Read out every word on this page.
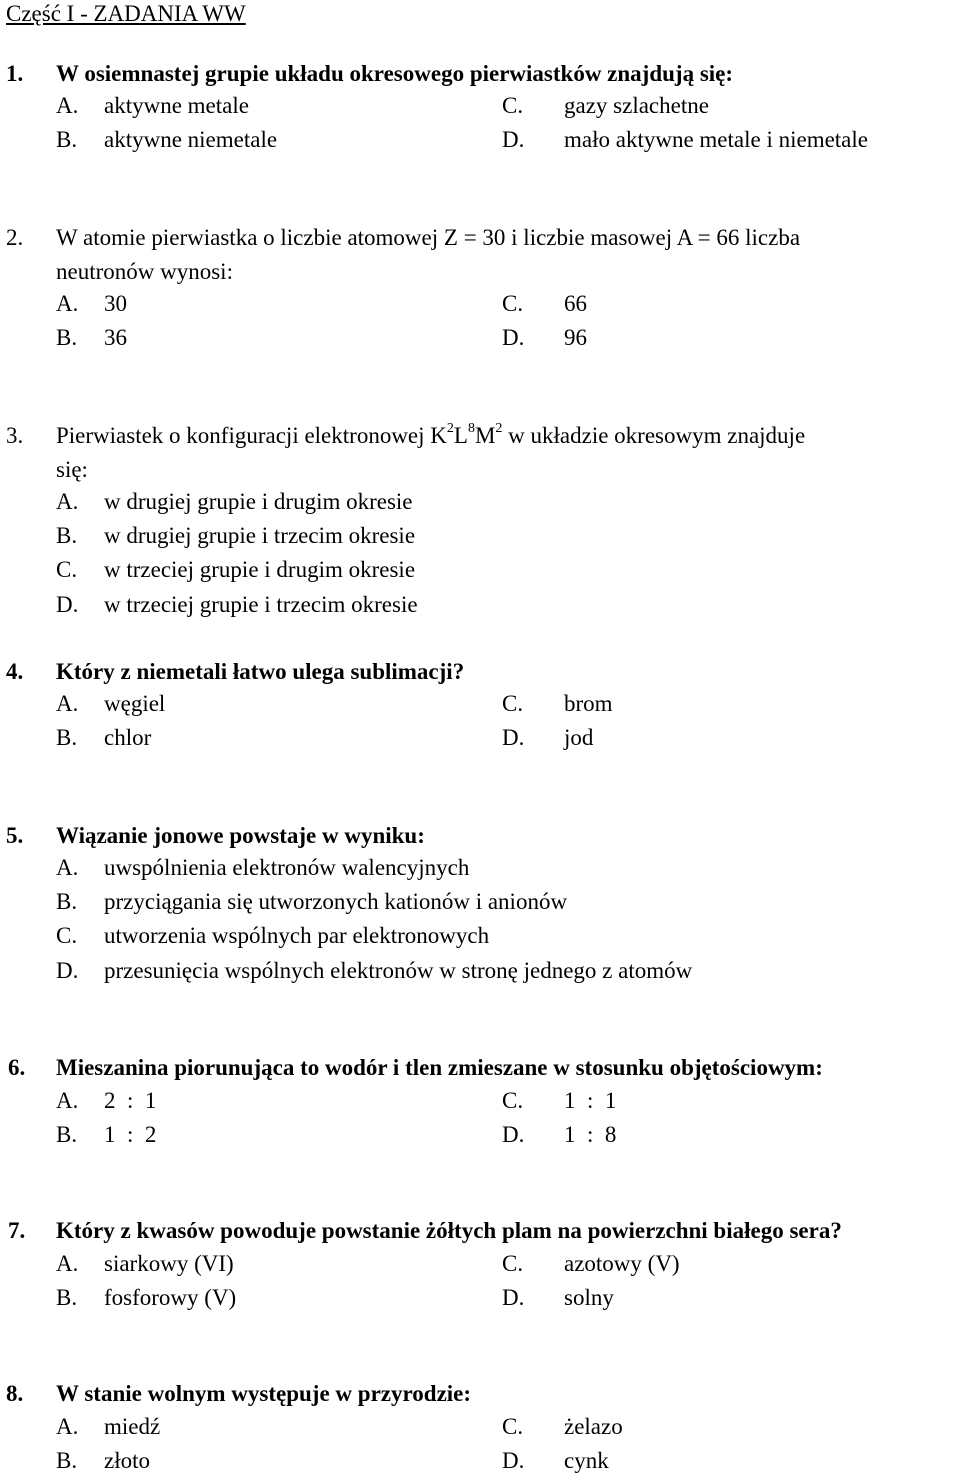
Część I - ZADANIA WW
1. W osiemnastej grupie układu okresowego pierwiastków znajdują się:
A. aktywne metale	C. gazy szlachetne
B. aktywne niemetale	D. mało aktywne metale i niemetale
2. W atomie pierwiastka o liczbie atomowej Z = 30 i liczbie masowej A = 66 liczba
neutronów wynosi:
A. 30	C. 66
B. 36	D. 96
3. Pierwiastek o konfiguracji elektronowej $K^2L^8M^2$ w układzie okresowym znajduje
się:
A. w drugiej grupie i drugim okresie
B. w drugiej grupie i trzecim okresie
C. w trzeciej grupie i drugim okresie
D. w trzeciej grupie i trzecim okresie
4. Który z niemetali łatwo ulega sublimacji?
A. węgiel	C. brom
B. chlor	D. jod
5. Wiązanie jonowe powstaje w wyniku:
A. uwspólnienia elektronów walencyjnych
B. przyciągania się utworzonych kationów i anionów
C. utworzenia wspólnych par elektronowych
D. przesunięcia wspólnych elektronów w stronę jednego z atomów
6. Mieszanina piorunująca to wodór i tlen zmieszane w stosunku objętościowym:
A. 2  :  1	C. 1  :  1
B. 1  :  2	D. 1  :  8
7. Który z kwasów powoduje powstanie żółtych plam na powierzchni białego sera?
A. siarkowy (VI)	C. azotowy (V)
B. fosforowy (V)	D. solny
8. W stanie wolnym występuje w przyrodzie:
A. miedź	C. żelazo
B. złoto	D. cynk
